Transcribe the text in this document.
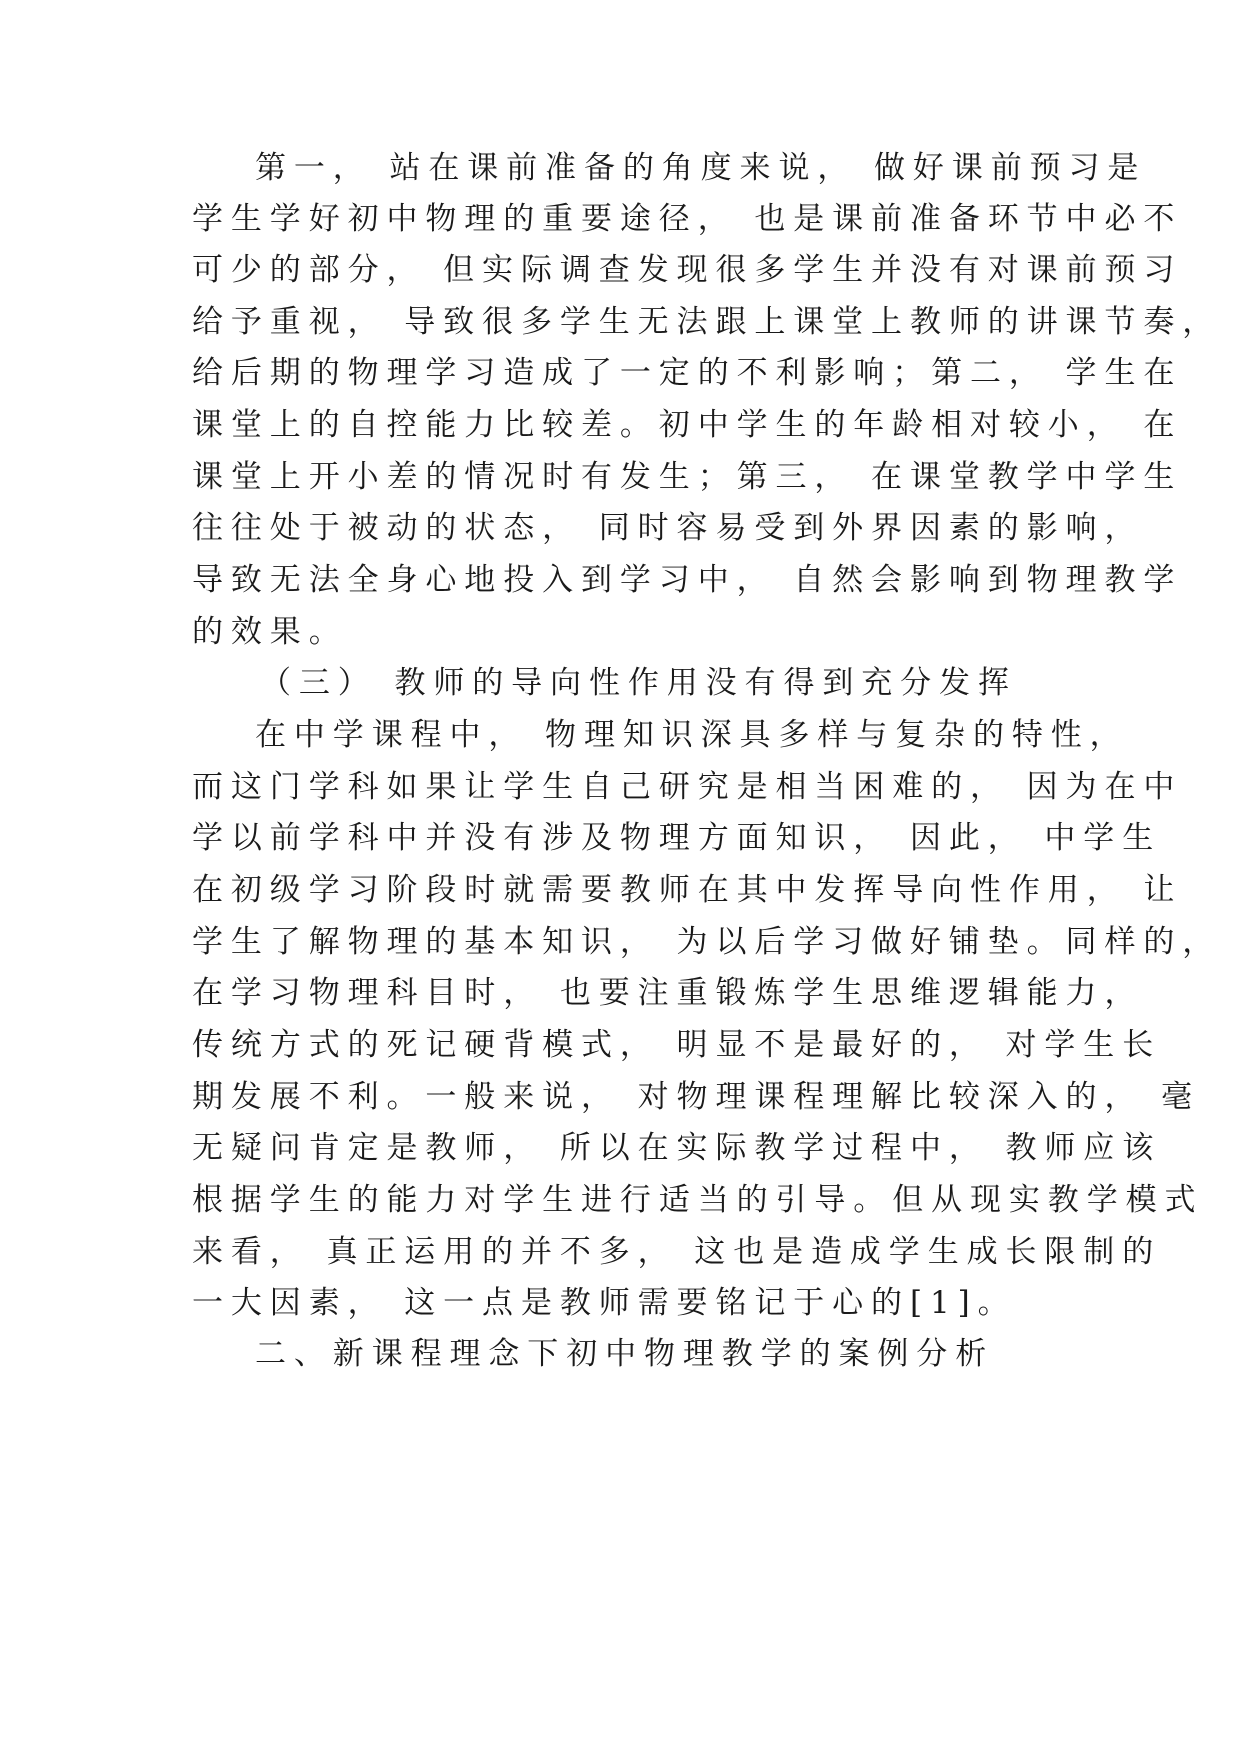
第一， 站在课前准备的角度来说， 做好课前预习是

学生学好初中物理的重要途径， 也是课前准备环节中必不

可少的部分， 但实际调查发现很多学生并没有对课前预习

给予重视， 导致很多学生无法跟上课堂上教师的讲课节奏，

给后期的物理学习造成了一定的不利影响；第二， 学生在

课堂上的自控能力比较差。初中学生的年龄相对较小， 在

课堂上开小差的情况时有发生；第三， 在课堂教学中学生

往往处于被动的状态， 同时容易受到外界因素的影响，

导致无法全身心地投入到学习中， 自然会影响到物理教学

的效果。

（三） 教师的导向性作用没有得到充分发挥

在中学课程中， 物理知识深具多样与复杂的特性，

而这门学科如果让学生自己研究是相当困难的， 因为在中

学以前学科中并没有涉及物理方面知识， 因此， 中学生

在初级学习阶段时就需要教师在其中发挥导向性作用， 让

学生了解物理的基本知识， 为以后学习做好铺垫。同样的，

在学习物理科目时， 也要注重锻炼学生思维逻辑能力，

传统方式的死记硬背模式， 明显不是最好的， 对学生长

期发展不利。一般来说， 对物理课程理解比较深入的， 毫

无疑问肯定是教师， 所以在实际教学过程中， 教师应该

根据学生的能力对学生进行适当的引导。但从现实教学模式

来看， 真正运用的并不多， 这也是造成学生成长限制的

一大因素， 这一点是教师需要铭记于心的[1]。

二、新课程理念下初中物理教学的案例分析
